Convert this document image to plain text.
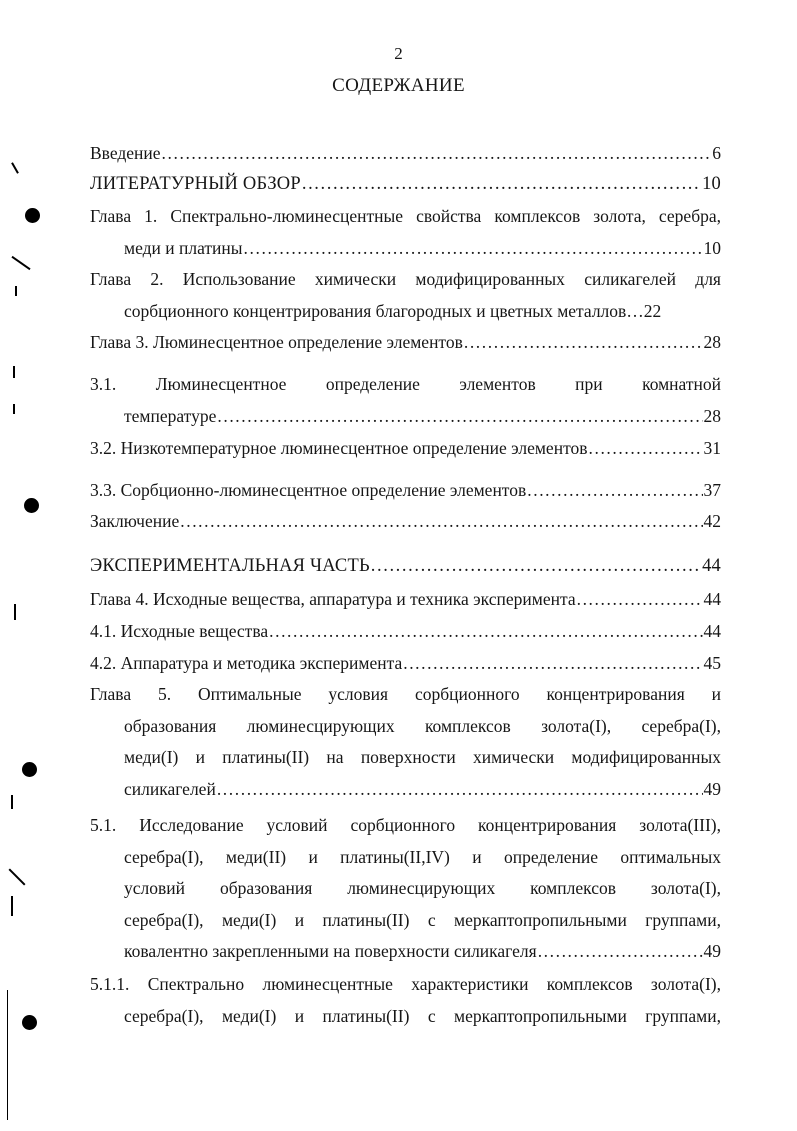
2
СОДЕРЖАНИЕ
Введение .....	6
ЛИТЕРАТУРНЫЙ ОБЗОР .....	10
Глава 1. Спектрально-люминесцентные свойства комплексов золота, серебра,
меди и платины .....	10
Глава 2. Использование химически модифицированных силикагелей для
сорбционного концентрирования благородных и цветных металлов… 22
Глава 3. Люминесцентное определение элементов .....	28
3.1. Люминесцентное определение элементов при комнатной
температуре .....	28
3.2. Низкотемпературное люминесцентное определение элементов .....	31
3.3. Сорбционно-люминесцентное определение элементов .....	37
Заключение .....	42
ЭКСПЕРИМЕНТАЛЬНАЯ ЧАСТЬ .....	44
Глава 4. Исходные вещества, аппаратура и техника эксперимента .....	44
4.1. Исходные вещества .....	44
4.2. Аппаратура и методика эксперимента .....	45
Глава 5. Оптимальные условия сорбционного концентрирования и
образования люминесцирующих комплексов золота(I), серебра(I),
меди(I) и платины(II) на поверхности химически модифицированных
силикагелей .....	49
5.1. Исследование условий сорбционного концентрирования золота(III),
серебра(I), меди(II) и платины(II,IV) и определение оптимальных
условий образования люминесцирующих комплексов золота(I),
серебра(I), меди(I) и платины(II) с меркаптопропильными группами,
ковалентно закрепленными на поверхности силикагеля .....	49
5.1.1. Спектрально люминесцентные характеристики комплексов золота(I),
серебра(I), меди(I) и платины(II) с меркаптопропильными группами,
